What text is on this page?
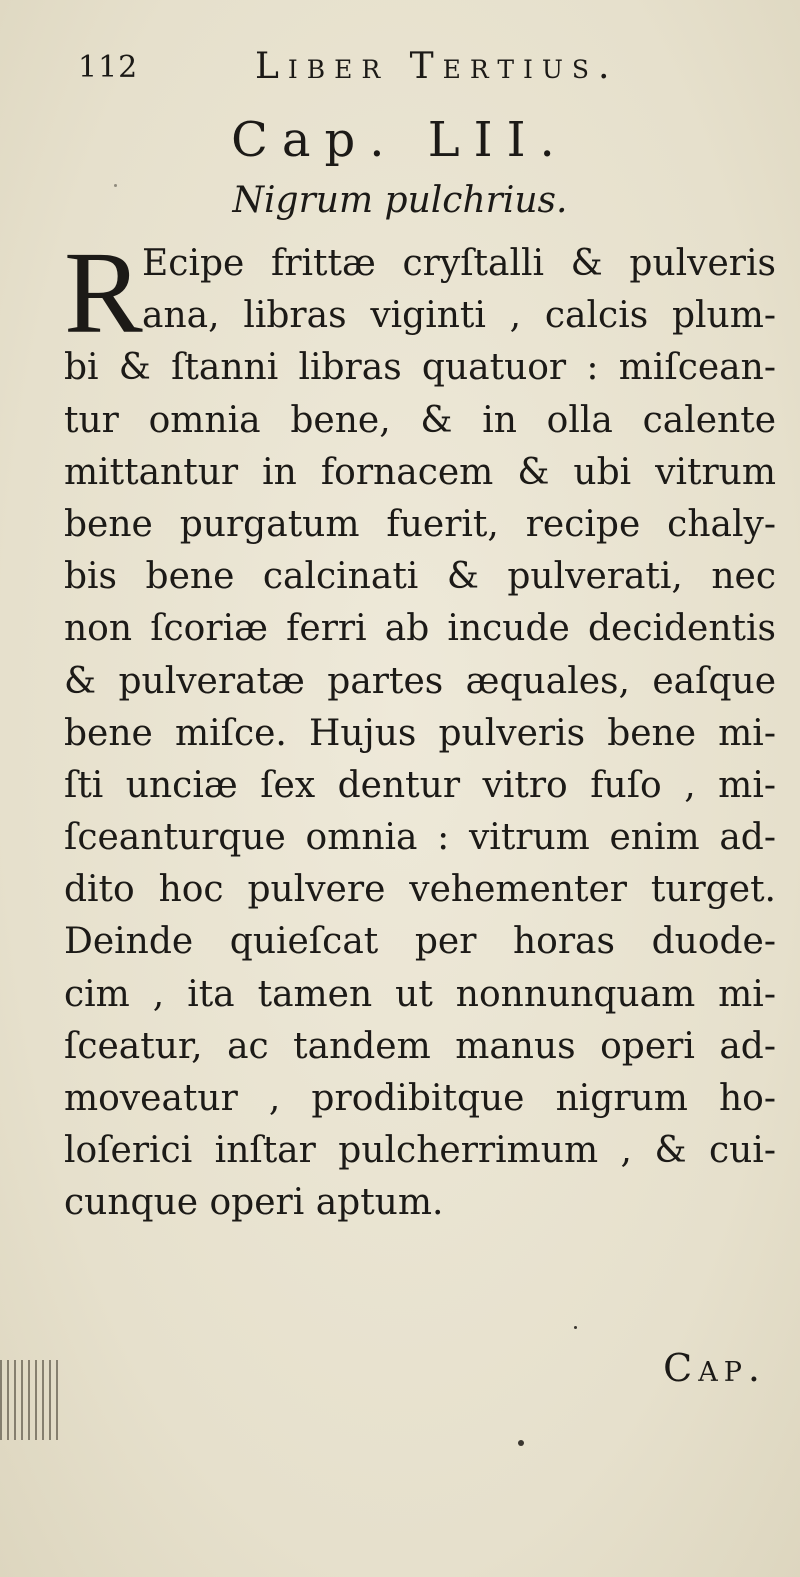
112	Liber Tertius.
Cap. LII.
Nigrum pulchrius.
R Ecipe frittæ cryſtalli & pulveris
ana, libras viginti , calcis plum-
bi & ſtanni libras quatuor : miſcean-
tur omnia bene, & in olla calente
mittantur in fornacem & ubi vitrum
bene purgatum fuerit, recipe chaly-
bis bene calcinati & pulverati, nec
non ſcoriæ ferri ab incude decidentis
& pulveratæ partes æquales, eaſque
bene miſce. Hujus pulveris bene mi-
ſti unciæ ſex dentur vitro fuſo , mi-
ſceanturque omnia : vitrum enim ad-
dito hoc pulvere vehementer turget.
Deinde quieſcat per horas duode-
cim , ita tamen ut nonnunquam mi-
ſceatur, ac tandem manus operi ad-
moveatur , prodibitque nigrum ho-
loſerici inſtar pulcherrimum , & cui-
cunque operi aptum.
Cap.
